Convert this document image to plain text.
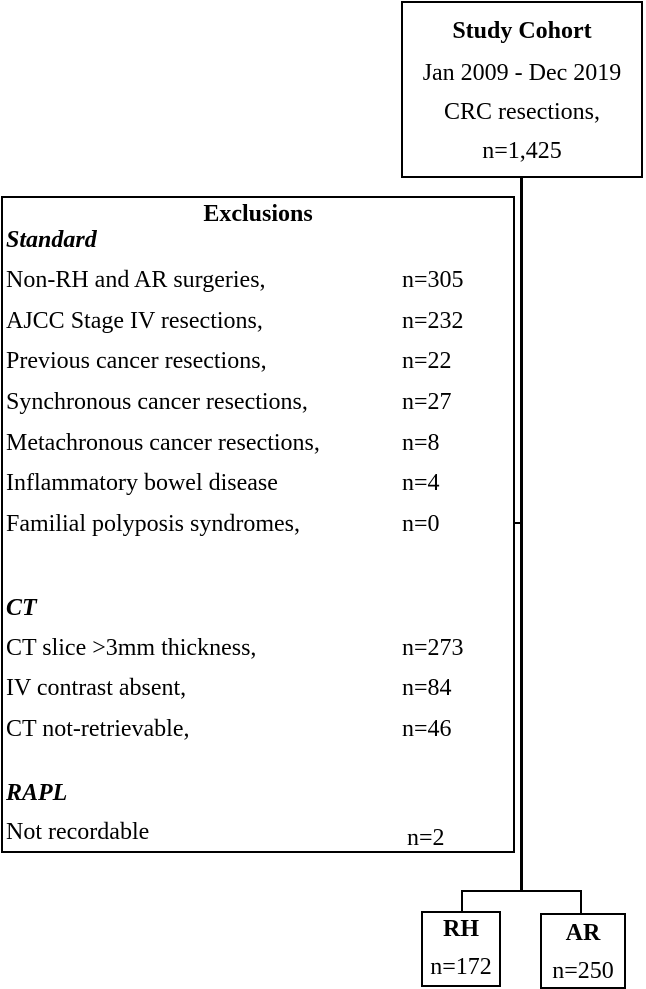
Study Cohort
Jan 2009 - Dec 2019
CRC resections,
n=1,425
Exclusions
Standard
Non-RH and AR surgeries,	n=305
AJCC Stage IV resections,	n=232
Previous cancer resections,	n=22
Synchronous cancer resections,	n=27
Metachronous cancer resections,	n=8
Inflammatory bowel disease	n=4
Familial polyposis syndromes,	n=0
CT
CT slice >3mm thickness,	n=273
IV contrast absent,	n=84
CT not-retrievable,	n=46
RAPL
Not recordable	n=2
RH
n=172
AR
n=250
